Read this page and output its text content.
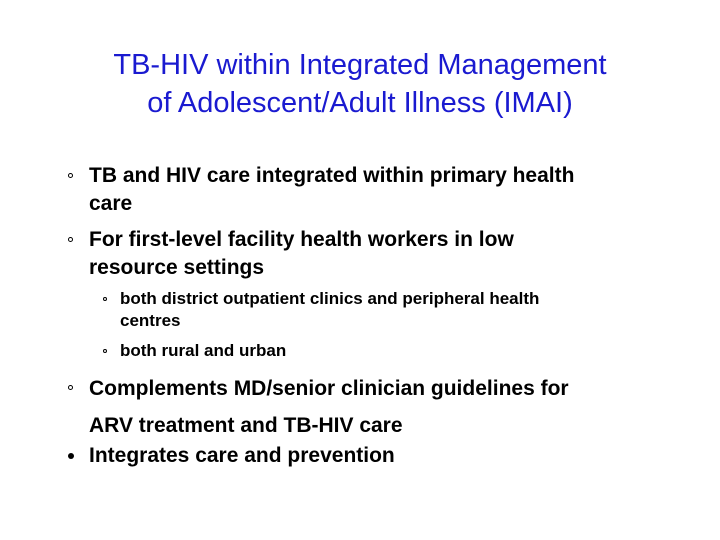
TB-HIV within Integrated Management
of Adolescent/Adult Illness (IMAI)
TB and HIV care integrated within primary health
care
For first-level facility health workers in low
resource settings
both district outpatient clinics and peripheral health
centres
both rural and urban
Complements MD/senior clinician guidelines for
ARV treatment and TB-HIV care
Integrates care and prevention
